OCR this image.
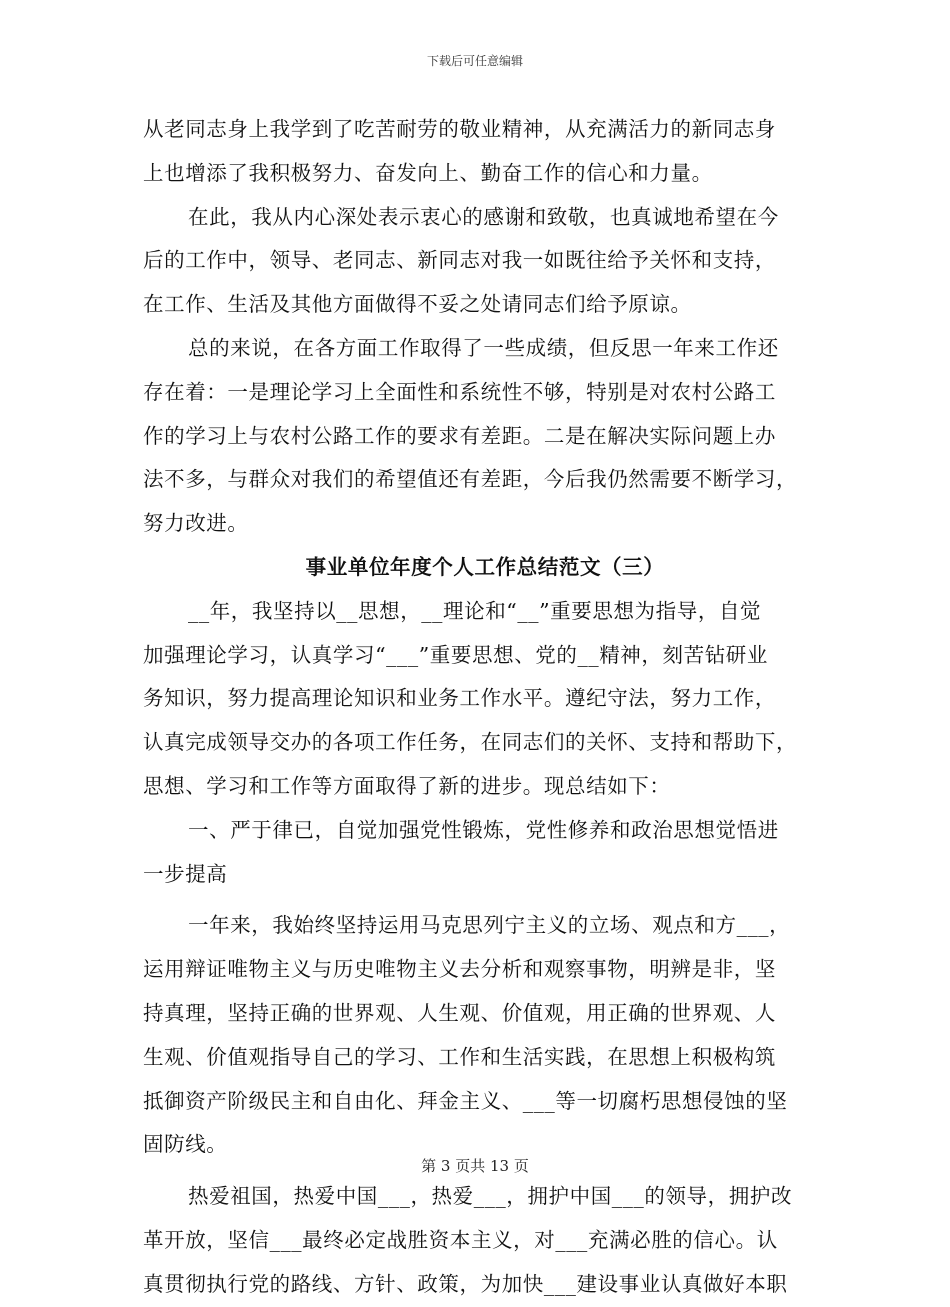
下载后可任意编辑
从老同志身上我学到了吃苦耐劳的敬业精神，从充满活力的新同志身
上也增添了我积极努力、奋发向上、勤奋工作的信心和力量。
在此，我从内心深处表示衷心的感谢和致敬，也真诚地希望在今
后的工作中，领导、老同志、新同志对我一如既往给予关怀和支持，
在工作、生活及其他方面做得不妥之处请同志们给予原谅。
总的来说，在各方面工作取得了一些成绩，但反思一年来工作还
存在着：一是理论学习上全面性和系统性不够，特别是对农村公路工
作的学习上与农村公路工作的要求有差距。二是在解决实际问题上办
法不多，与群众对我们的希望值还有差距，今后我仍然需要不断学习，
努力改进。
事业单位年度个人工作总结范文（三）
__年，我坚持以__思想，__理论和“__”重要思想为指导，自觉
加强理论学习，认真学习“___”重要思想、党的__精神，刻苦钻研业
务知识，努力提高理论知识和业务工作水平。遵纪守法，努力工作，
认真完成领导交办的各项工作任务，在同志们的关怀、支持和帮助下，
思想、学习和工作等方面取得了新的进步。现总结如下：
一、严于律已，自觉加强党性锻炼，党性修养和政治思想觉悟进
一步提高
一年来，我始终坚持运用马克思列宁主义的立场、观点和方___，
运用辩证唯物主义与历史唯物主义去分析和观察事物，明辨是非，坚
持真理，坚持正确的世界观、人生观、价值观，用正确的世界观、人
生观、价值观指导自己的学习、工作和生活实践，在思想上积极构筑
抵御资产阶级民主和自由化、拜金主义、___等一切腐朽思想侵蚀的坚
固防线。
热爱祖国，热爱中国___，热爱___，拥护中国___的领导，拥护改
革开放，坚信___最终必定战胜资本主义，对___充满必胜的信心。认
真贯彻执行党的路线、方针、政策，为加快___建设事业认真做好本职
第 3 页共 13 页
